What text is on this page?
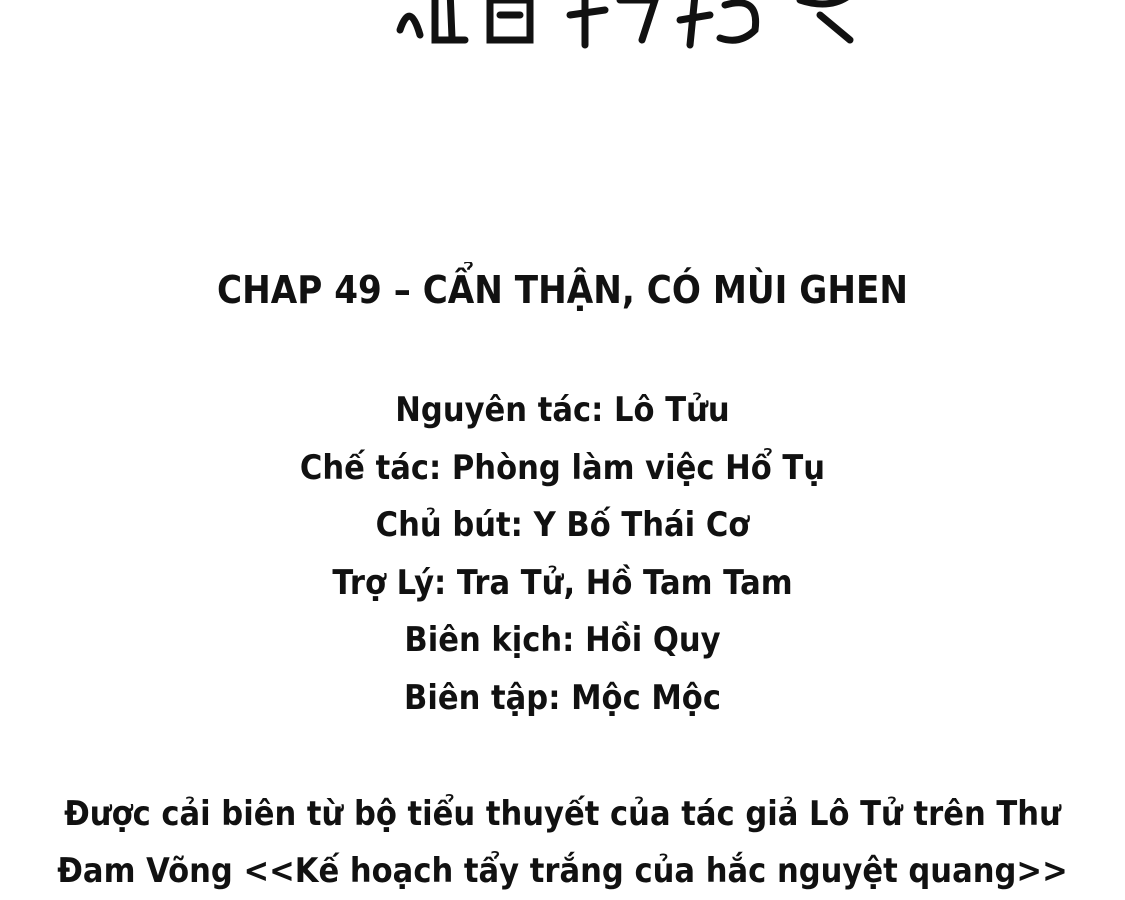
CHAP 49 – CẨN THẬN, CÓ MÙI GHEN
Nguyên tác: Lô Tửu
Chế tác: Phòng làm việc Hổ Tụ
Chủ bút: Y Bố Thái Cơ
Trợ Lý: Tra Tử, Hồ Tam Tam
Biên kịch: Hồi Quy
Biên tập: Mộc Mộc
Được cải biên từ bộ tiểu thuyết của tác giả Lô Tử trên Thư
Đam Võng <<Kế hoạch tẩy trắng của hắc nguyệt quang>>
